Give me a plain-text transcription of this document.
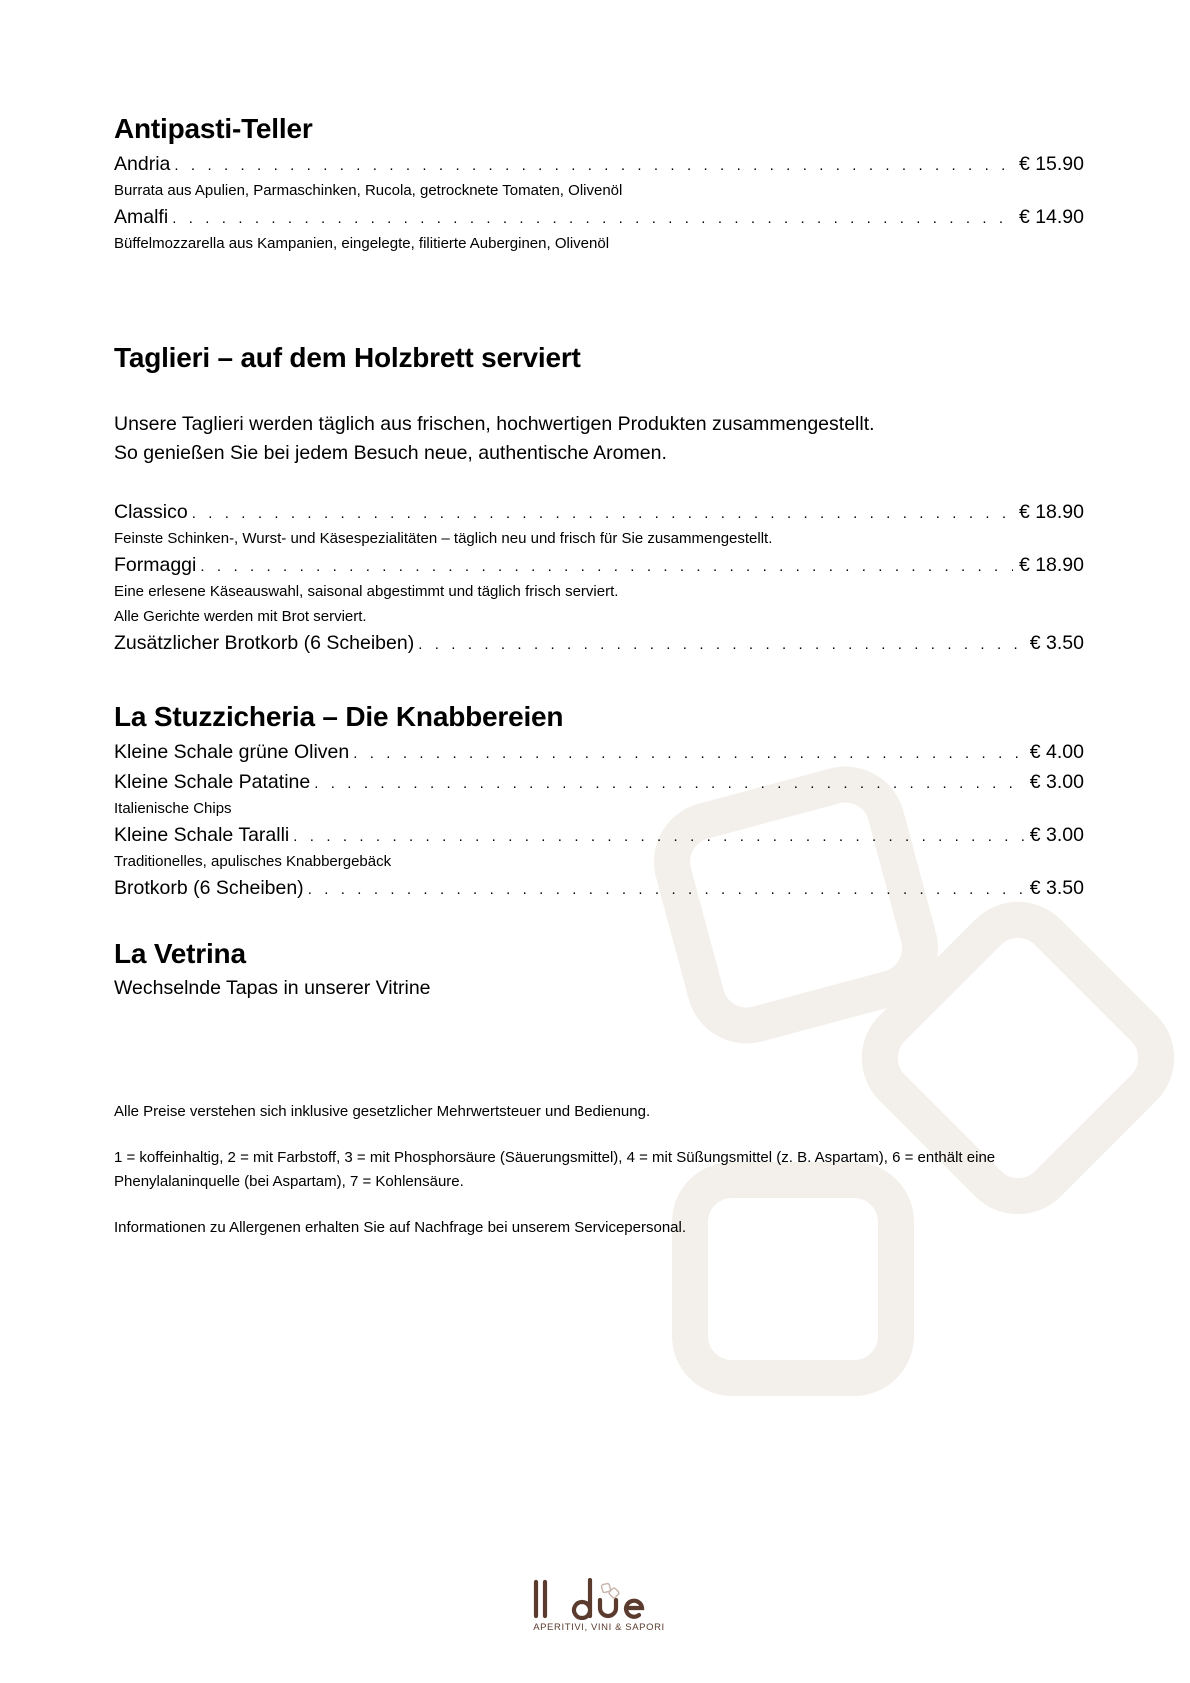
Antipasti-Teller
Andria . . .	€ 15.90
Burrata aus Apulien, Parmaschinken, Rucola, getrocknete Tomaten, Olivenöl
Amalfi . . .	€ 14.90
Büffelmozzarella aus Kampanien, eingelegte, filitierte Auberginen, Olivenöl
Taglieri – auf dem Holzbrett serviert
Unsere Taglieri werden täglich aus frischen, hochwertigen Produkten zusammengestellt.
So genießen Sie bei jedem Besuch neue, authentische Aromen.
Classico . . .	€ 18.90
Feinste Schinken-, Wurst- und Käsespezialitäten – täglich neu und frisch für Sie zusammengestellt.
Formaggi . . .	€ 18.90
Eine erlesene Käseauswahl, saisonal abgestimmt und täglich frisch serviert.
Alle Gerichte werden mit Brot serviert.
Zusätzlicher Brotkorb (6 Scheiben) . . .	€ 3.50
La Stuzzicheria – Die Knabbereien
Kleine Schale grüne Oliven . . .	€ 4.00
Kleine Schale Patatine . . .	€ 3.00
Italienische Chips
Kleine Schale Taralli . . .	€ 3.00
Traditionelles, apulisches Knabbergebäck
Brotkorb (6 Scheiben) . . .	€ 3.50
La Vetrina
Wechselnde Tapas in unserer Vitrine

Alle Preise verstehen sich inklusive gesetzlicher Mehrwertsteuer und Bedienung.

1 = koffeinhaltig, 2 = mit Farbstoff, 3 = mit Phosphorsäure (Säuerungsmittel), 4 = mit Süßungsmittel (z. B. Aspartam), 6 = enthält eine
Phenylalaninquelle (bei Aspartam), 7 = Kohlensäure.

Informationen zu Allergenen erhalten Sie auf Nachfrage bei unserem Servicepersonal.

APERITIVI, VINI & SAPORI
